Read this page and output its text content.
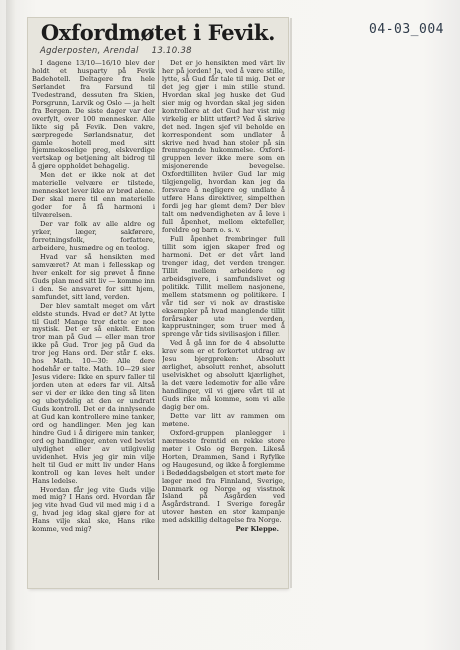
04-03_004
Oxfordmøtet i Fevik.
Agderposten, Arendal 13.10.38

I dagene 13/10—16/10 blev der holdt et husparty på Fevik Badehotell. Deltagere fra hele Sørlandet fra Farsund til Tvedestrand, dessuten fra Skien, Porsgrunn, Larvik og Oslo — ja helt fra Bergen. De siste dager var der overfylt, over 100 mennesker. Alle likte sig på Fevik. Den vakre, særpregede Sørlandsnatur, det gamle hotell med sitt hjemmekoselige preg, elskverdige vertskap og betjening alt bidrog til å gjøre oppholdet behagelig.

Men det er ikke nok at det materielle velvære er tilstede, mennesket lever ikke av brød alene. Der skal mere til enn materielle goder for å få harmoni i tilværelsen.

Der var folk av alle aldre og yrker, læger, sakførere, forretningsfolk, forfattere, arbeidere, husmødre og en teolog.

Hvad var så hensikten med samværet? At man i fellesskap og hver enkelt for sig prøvet å finne Guds plan med sitt liv — komme inn i den. Se ansvaret for sitt hjem, samfundet, sitt land, verden.

Der blev samtalt meget om vårt eldste stunds. Hvad er det? At lytte til Gud! Mange tror dette er noe mystisk. Det er så enkelt. Enten tror man på Gud — eller man tror ikke på Gud. Tror jeg på Gud da tror jeg Hans ord. Der står f. eks. hos Math. 10—30: Alle dere hodehår er talte. Math. 10—29 sier Jesus videre: Ikke en spurv faller til jorden uten at eders far vil. Altså ser vi der er ikke den ting så liten og ubetydelig at den er undratt Guds kontroll. Det er da innlysende at Gud kan kontrollere mine tanker, ord og handlinger. Men jeg kan hindre Gud i å dirigere min tanker, ord og handlinger, enten ved bevist ulydighet eller av utilgivelig uvidenhet. Hvis jeg gir min vilje helt til Gud er mitt liv under Hans kontroll og kan leves helt under Hans ledelse.

Hvordan får jeg vite Guds vilje med mig? I Hans ord. Hvordan får jeg vite hvad Gud vil med mig i d a g, hvad jeg idag skal gjøre for at Hans vilje skal ske, Hans rike komme, ved mig?

Det er jo hensikten med vårt liv her på jorden! Ja, ved å være stille, lytte, så Gud får tale til mig. Det er det jeg gjør i min stille stund. Hvordan skal jeg huske det Gud sier mig og hvordan skal jeg siden kontrollere at det Gud har vist mig virkelig er blitt utført? Ved å skrive det ned. Ingen sjef vil beholde en korrespondent som undlater å skrive ned hvad han stoler på sin fremragende hukommelse. Oxford-gruppen lever ikke mere som en misjonerende bevegelse. Oxfordtilliten hviler Gud lar mig tilgjengelig, hvordan kan jeg da forsvare å negligere og undlate å utføre Hans direktiver, simpelthen fordi jeg har glemt dem? Der blev talt om nødvendigheten av å leve i full åpenhet, mellom ektefeller, foreldre og barn o. s. v.

Full åpenhet frembringer full tillit som igjen skaper fred og harmoni. Det er det vårt land trenger idag, det verden trenger. Tillit mellem arbeidere og arbeidsgivere, i samfundslivet og politikk. Tillit mellem nasjonene, mellem statsmenn og politikere. I vår tid ser vi nok av drastiske eksempler på hvad manglende tillit forårsaker ute i verden, kapprustninger, som truer med å sprenge vår tids sivilisasjon i filler.

Ved å gå inn for de 4 absolutte krav som er et forkortet utdrag av Jesu bjergpreken: Absolutt ærlighet, absolutt renhet, absolutt uselviskhet og absolutt kjærlighet, la det være ledemotiv for alle våre handlinger, vil vi gjøre vårt til at Guds rike må komme, som vi alle dagig ber om.

Dette var litt av rammen om møtene.

Oxford-gruppen planlegger i nærmeste fremtid en rekke store møter i Oslo og Bergen. Likeså Horten, Drammen, Sand i Ryfylke og Haugesund, og ikke å forglemme i Bedøddagsbølgen et stort møte for læger med fra Finnland, Sverige, Danmark og Norge og visstnok Island på Åsgården ved Åsgårdstrand. I Sverige foregår utover høsten en stor kampanje med adskillig deltagelse fra Norge.

Per Kleppe.
